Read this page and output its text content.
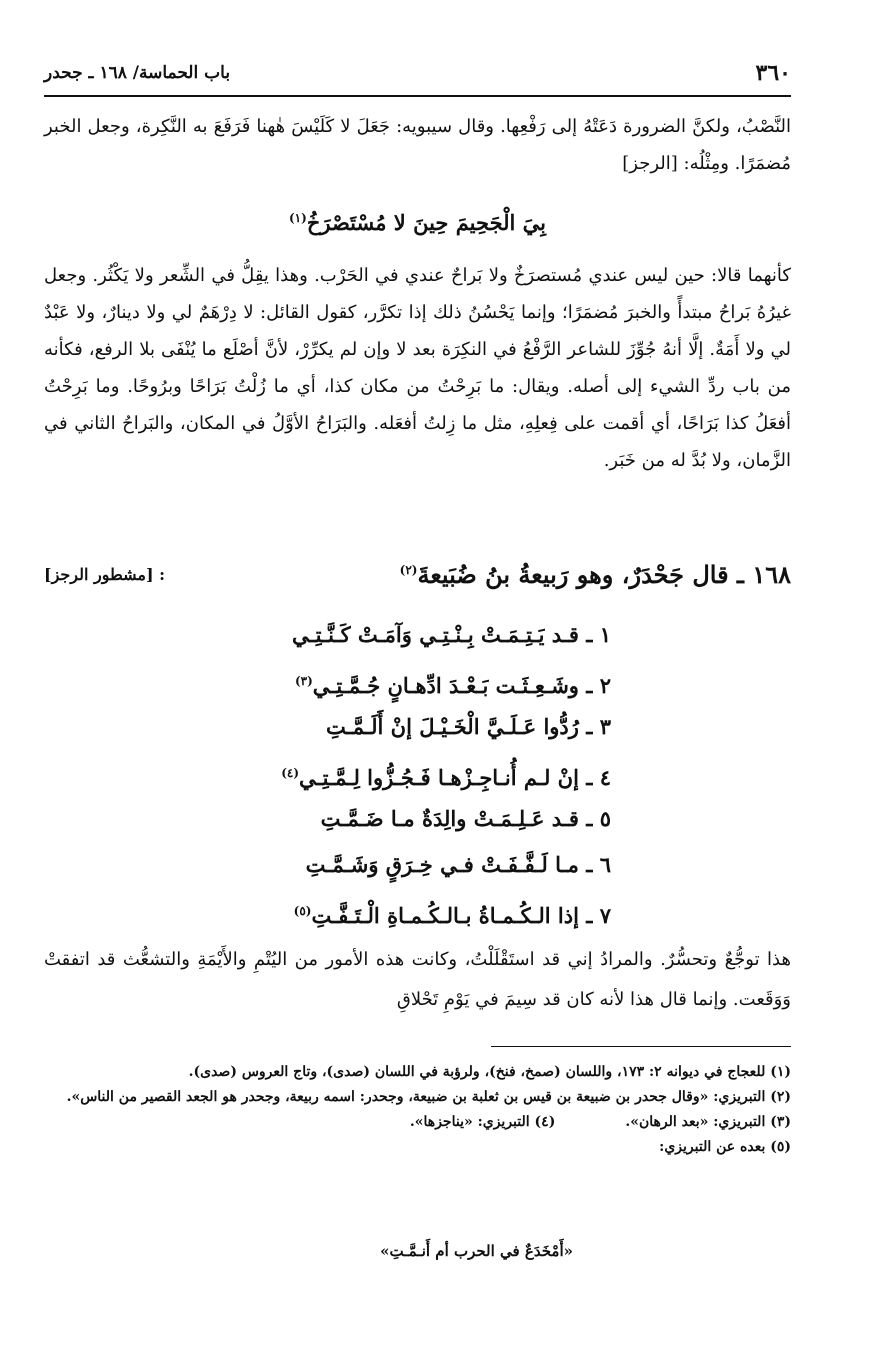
٣٦٠
باب الحماسة/ ١٦٨ ـ جحدر
النَّصْبُ، ولكنَّ الضرورة دَعَتْهُ إلى رَفْعِها. وقال سيبويه: جَعَلَ لا كَلَيْسَ هٰهنا فَرَفَعَ به النَّكِرة، وجعل الخبر مُضمَرًا. ومِثْلُه: [الرجز]
بِيَ الْجَحِيمَ حِينَ لا مُسْتَصْرَخُ$^{(١)}$
كأنهما قالا: حين ليس عندي مُستصرَخٌ ولا بَراحٌ عندي في الحَرْب. وهذا يقِلُّ في الشِّعر ولا يَكْثُر. وجعل غيرُهُ بَراحُ مبتدأً والخبرَ مُضمَرًا؛ وإنما يَحْسُنُ ذلك إذا تكرَّر، كقول القائل: لا دِرْهَمٌ لي ولا دينارٌ، ولا عَبْدٌ لي ولا أَمَةٌ. إلَّا أنهُ جُوِّزَ للشاعر الرَّفْعُ في النكِرَة بعد لا وإن لم يكرِّرْ، لأنَّ أصْلَع ما يُنْفَى بلا الرفع، فكأنه من باب ردِّ الشيء إلى أصله. ويقال: ما بَرِحْتُ من مكان كذا، أي ما زُلْتُ بَرَاحًا وبرُوحًا. وما بَرِحْتُ أفعَلُ كذا بَرَاحًا، أي أقمت على فِعلِهِ، مثل ما زِلتُ أفعَله. والبَرَاحُ الأوَّلُ في المكان، والبَراحُ الثاني في الزَّمان، ولا بُدَّ له من خَبَر.
١٦٨ ـ قال جَحْدَرٌ، وهو رَبيعةُ بنُ ضُبَيعةَ$^{(٢)}$
: [مشطور الرجز]
١ ـ قـد يَـتِـمَـتْ بِـنْـتِـي وَآمَـتْ كَـنَّـتِـي
٢ ـ وشَـعِـثَـت بَـعْـدَ ادِّهـانٍ جُـمَّـتِـي$^{(٣)}$
٣ ـ رُدُّوا عَـلَـيَّ الْخَـيْـلَ إنْ أَلَـمَّـتِ
٤ ـ إنْ لـم أُنـاجِـزْهـا فَـجُـزُّوا لِـمَّـتِـي$^{(٤)}$
٥ ـ قـد عَـلِـمَـتْ والِدَةٌ مـا ضَـمَّـتِ
٦ ـ مـا لَـفَّـفَـتْ فـي خِـرَقٍ وَشَـمَّـتِ
٧ ـ إذا الـكُـمـاةُ بـالـكُـمـاةِ الْـتَـفَّـتِ$^{(٥)}$
هذا توجُّعٌ وتحسُّرٌ. والمرادُ إني قد استَقْلَلْتُ، وكانت هذه الأمور من اليُتْمِ والأَيْمَةِ والتشعُّث قد اتفقتْ وَوَقَعت. وإنما قال هذا لأنه كان قد سِيمَ في يَوْمِ تَحْلاقِ

(١) للعجاج في ديوانه ٢: ١٧٣، واللسان (صمخ، فنخ)، ولرؤبة في اللسان (صدى)، وتاج العروس (صدى).

(٢) التبريزي: «وقال جحدر بن ضبيعة بن قيس بن ثعلبة بن ضبيعة، وجحدر: اسمه ربيعة، وجحدر هو الجعد القصير من الناس».

(٣) التبريزي: «بعد الرهان».
(٤) التبريزي: «يناجزها».

(٥) بعده عن التبريزي:

«أَمْخَدَعٌ في الحرب أم أَنـمَّـتِ»
